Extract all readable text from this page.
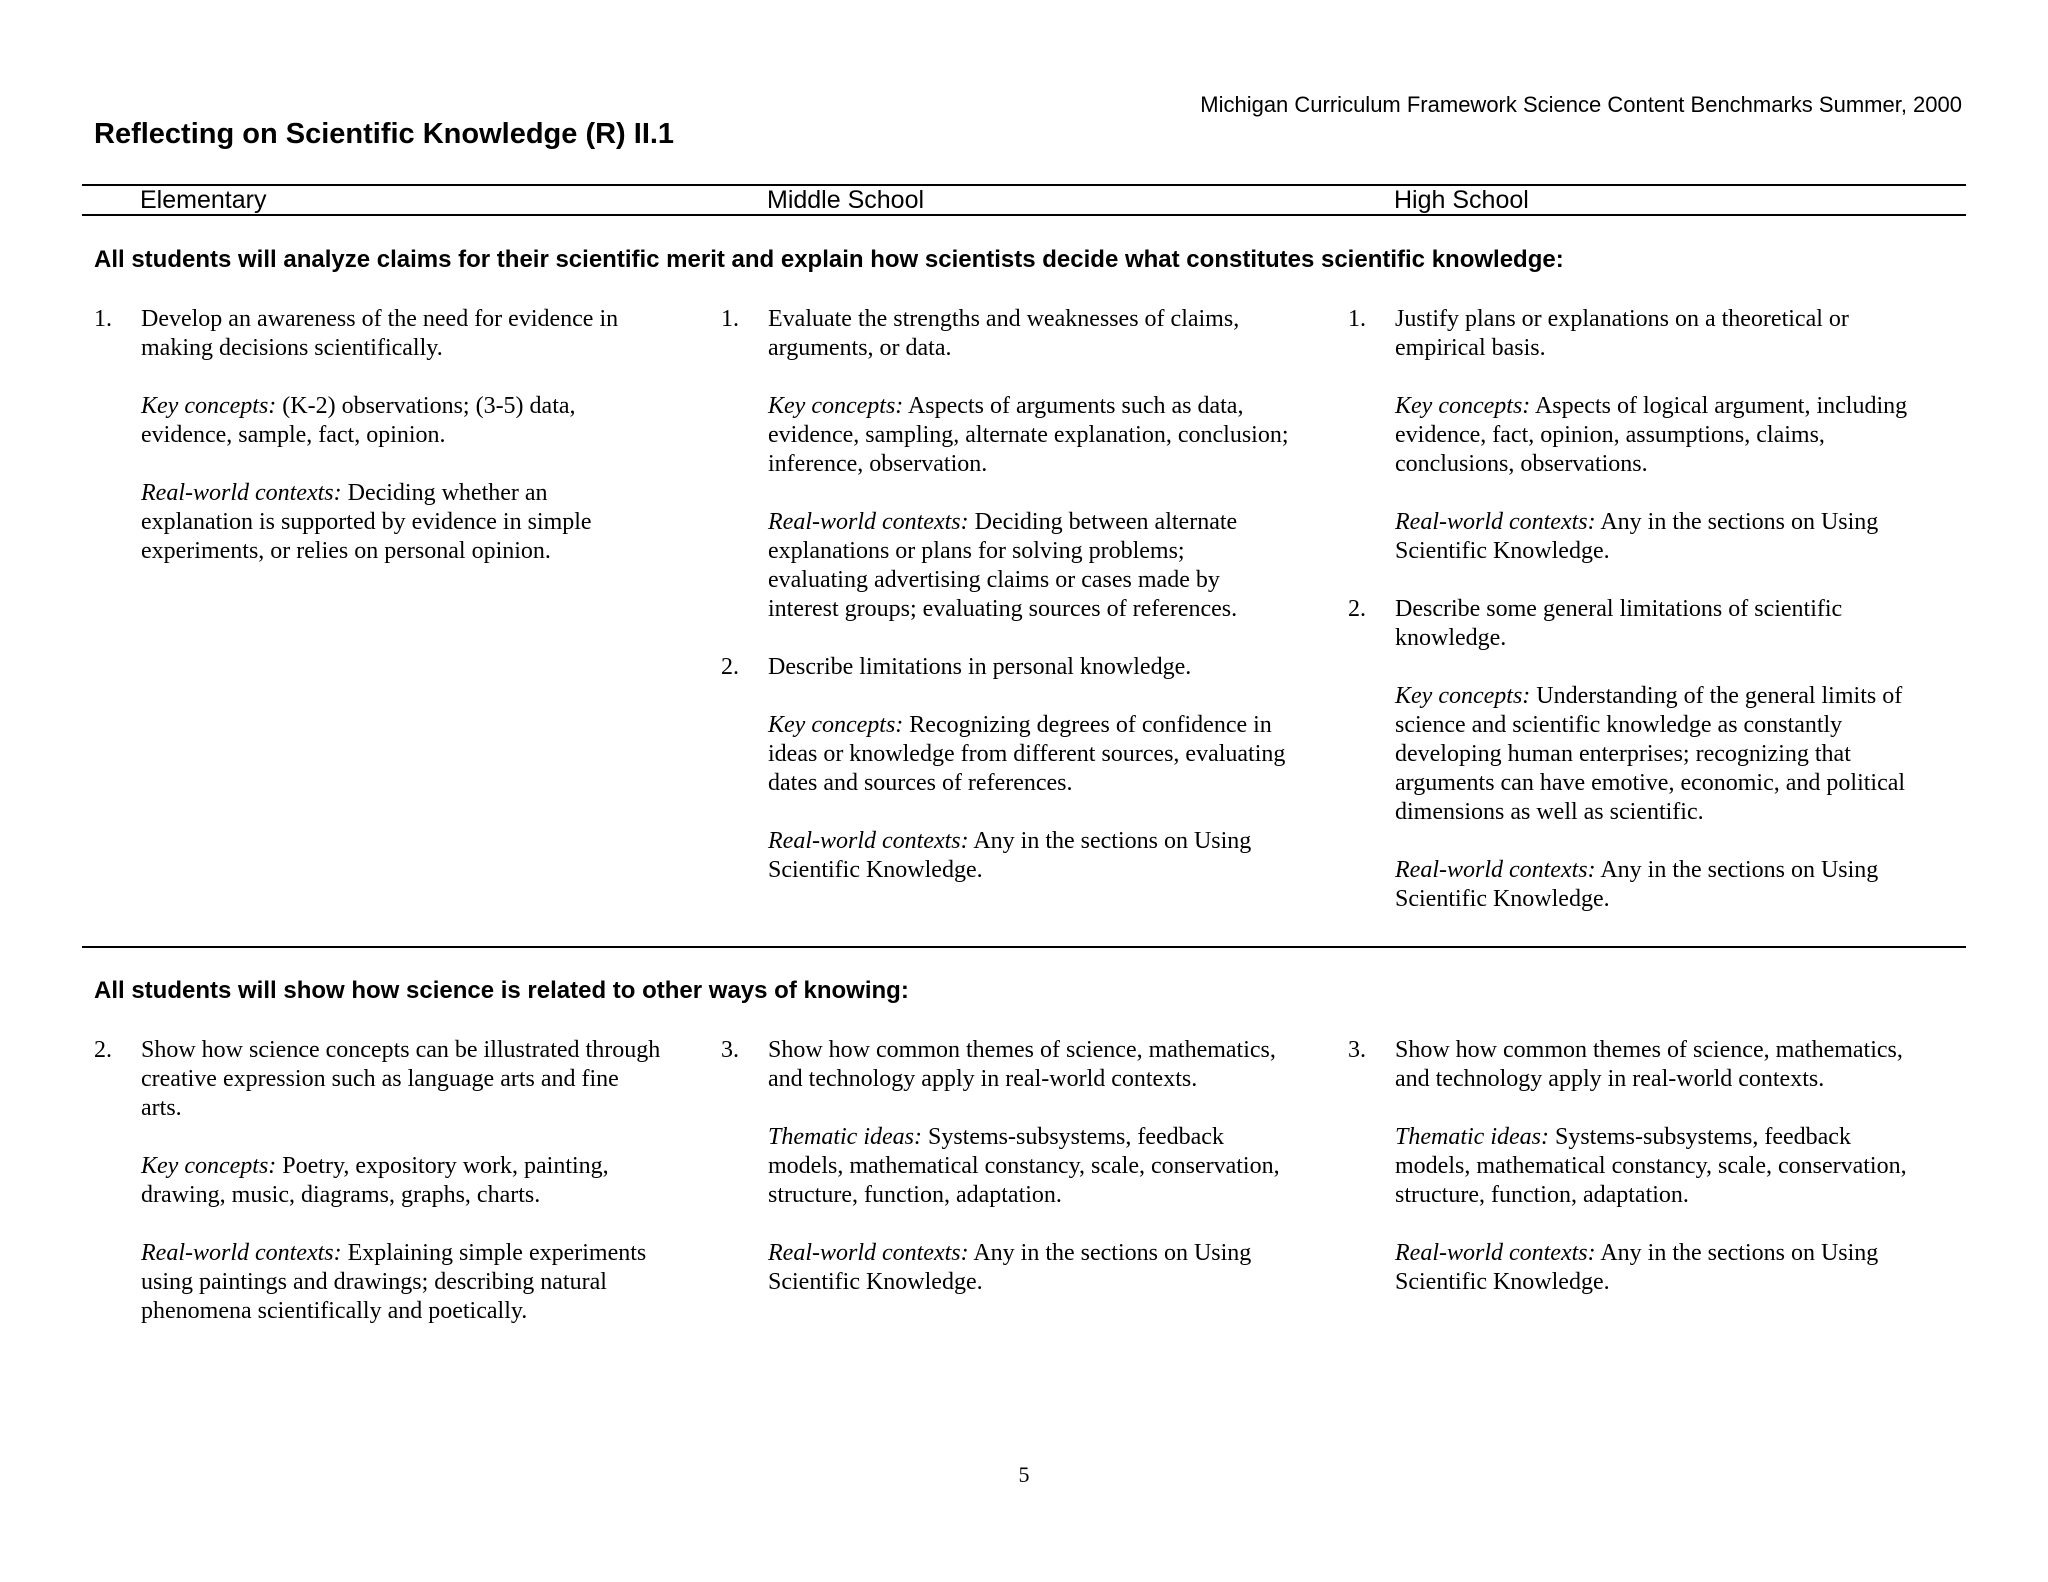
Michigan Curriculum Framework Science Content Benchmarks Summer, 2000
Reflecting on Scientific Knowledge (R) II.1
Elementary	Middle School	High School
All students will analyze claims for their scientific merit and explain how scientists decide what constitutes scientific knowledge:
1. Develop an awareness of the need for evidence in making decisions scientifically.

Key concepts: (K-2) observations; (3-5) data, evidence, sample, fact, opinion.

Real-world contexts: Deciding whether an explanation is supported by evidence in simple experiments, or relies on personal opinion.

1. Evaluate the strengths and weaknesses of claims, arguments, or data.

Key concepts: Aspects of arguments such as data, evidence, sampling, alternate explanation, conclusion; inference, observation.

Real-world contexts: Deciding between alternate explanations or plans for solving problems; evaluating advertising claims or cases made by interest groups; evaluating sources of references.

2. Describe limitations in personal knowledge.

Key concepts: Recognizing degrees of confidence in ideas or knowledge from different sources, evaluating dates and sources of references.

Real-world contexts: Any in the sections on Using Scientific Knowledge.

1. Justify plans or explanations on a theoretical or empirical basis.

Key concepts: Aspects of logical argument, including evidence, fact, opinion, assumptions, claims, conclusions, observations.

Real-world contexts: Any in the sections on Using Scientific Knowledge.

2. Describe some general limitations of scientific knowledge.

Key concepts: Understanding of the general limits of science and scientific knowledge as constantly developing human enterprises; recognizing that arguments can have emotive, economic, and political dimensions as well as scientific.

Real-world contexts: Any in the sections on Using Scientific Knowledge.

All students will show how science is related to other ways of knowing:
2. Show how science concepts can be illustrated through creative expression such as language arts and fine arts.

Key concepts: Poetry, expository work, painting, drawing, music, diagrams, graphs, charts.

Real-world contexts: Explaining simple experiments using paintings and drawings; describing natural phenomena scientifically and poetically.

3. Show how common themes of science, mathematics, and technology apply in real-world contexts.

Thematic ideas: Systems-subsystems, feedback models, mathematical constancy, scale, conservation, structure, function, adaptation.

Real-world contexts: Any in the sections on Using Scientific Knowledge.

3. Show how common themes of science, mathematics, and technology apply in real-world contexts.

Thematic ideas: Systems-subsystems, feedback models, mathematical constancy, scale, conservation, structure, function, adaptation.

Real-world contexts: Any in the sections on Using Scientific Knowledge.

5
